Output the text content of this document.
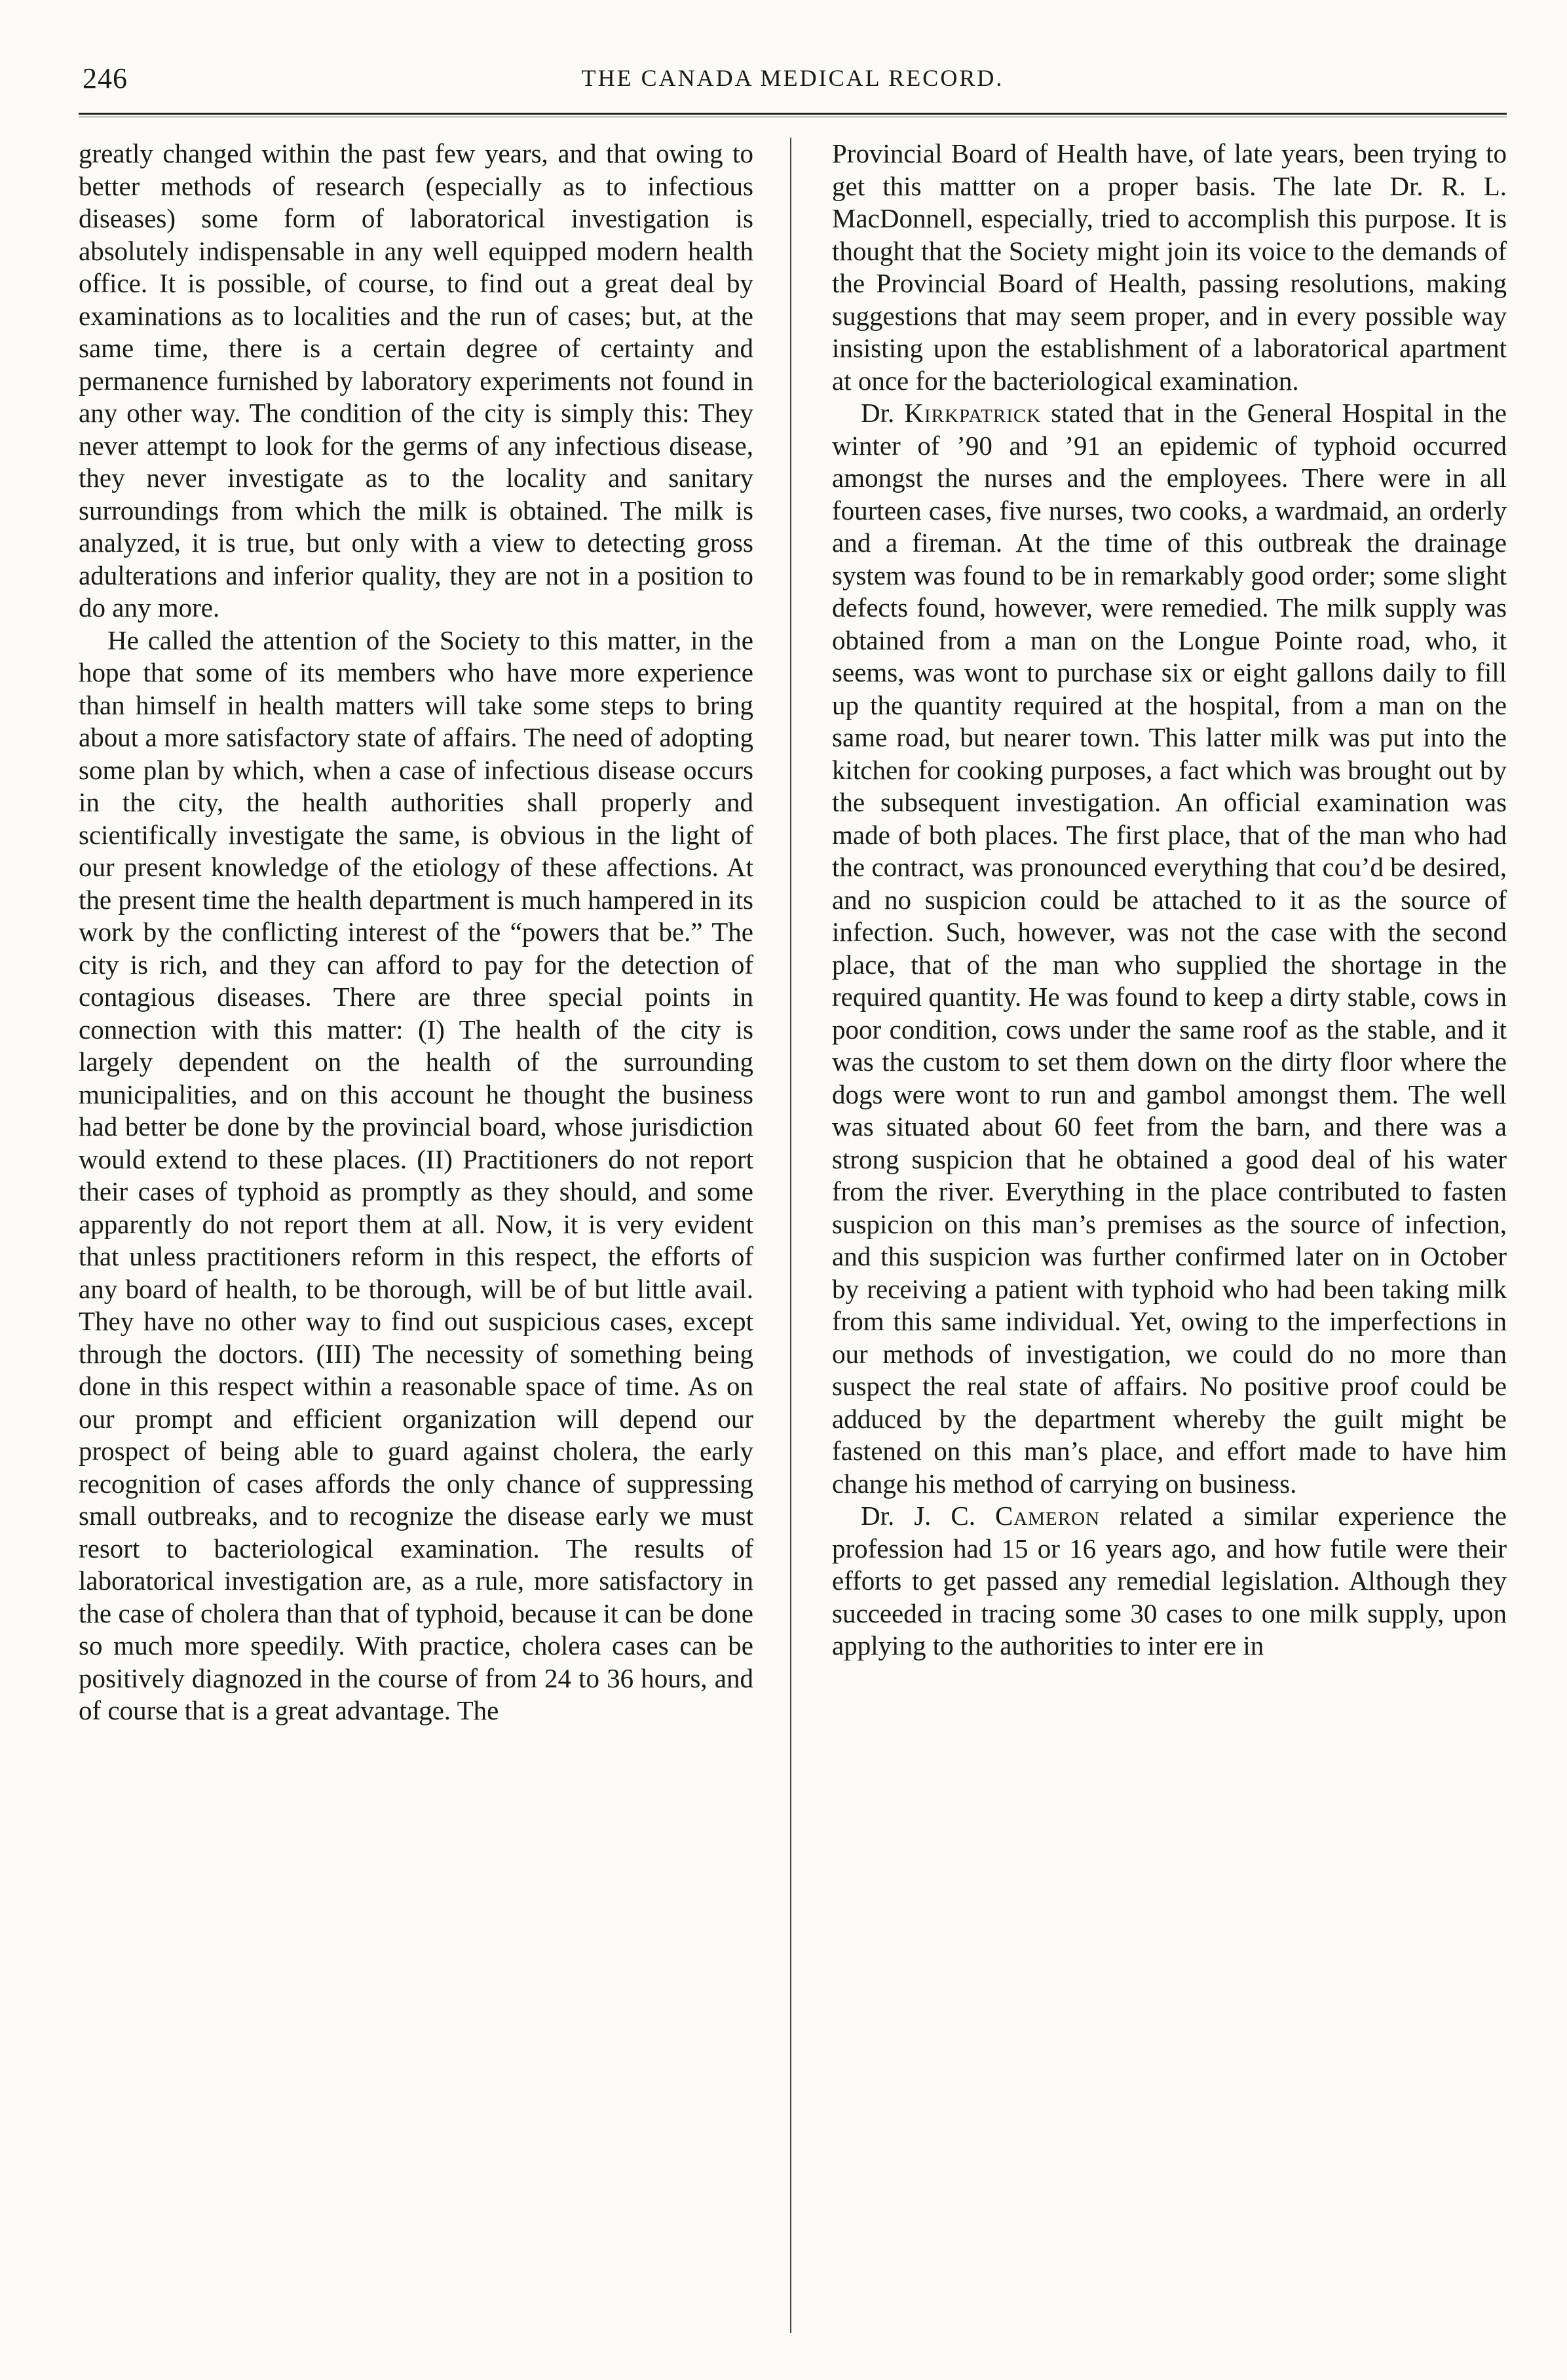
246	THE CANADA MEDICAL RECORD.

greatly changed within the past few years, and that owing to better methods of research (especially as to infectious diseases) some form of laboratorical investigation is absolutely indispensable in any well equipped modern health office. It is possible, of course, to find out a great deal by examinations as to localities and the run of cases; but, at the same time, there is a certain degree of certainty and permanence furnished by laboratory experiments not found in any other way. The condition of the city is simply this: They never attempt to look for the germs of any infectious disease, they never investigate as to the locality and sanitary surroundings from which the milk is obtained. The milk is analyzed, it is true, but only with a view to detecting gross adulterations and inferior quality, they are not in a position to do any more.

He called the attention of the Society to this matter, in the hope that some of its members who have more experience than himself in health matters will take some steps to bring about a more satisfactory state of affairs. The need of adopting some plan by which, when a case of infectious disease occurs in the city, the health authorities shall properly and scientifically investigate the same, is obvious in the light of our present knowledge of the etiology of these affections. At the present time the health department is much hampered in its work by the conflicting interest of the “powers that be.” The city is rich, and they can afford to pay for the detection of contagious diseases. There are three special points in connection with this matter: (I) The health of the city is largely dependent on the health of the surrounding municipalities, and on this account he thought the business had better be done by the provincial board, whose jurisdiction would extend to these places. (II) Practitioners do not report their cases of typhoid as promptly as they should, and some apparently do not report them at all. Now, it is very evident that unless practitioners reform in this respect, the efforts of any board of health, to be thorough, will be of but little avail. They have no other way to find out suspicious cases, except through the doctors. (III) The necessity of something being done in this respect within a reasonable space of time. As on our prompt and efficient organization will depend our prospect of being able to guard against cholera, the early recognition of cases affords the only chance of suppressing small outbreaks, and to recognize the disease early we must resort to bacteriological examination. The results of laboratorical investigation are, as a rule, more satisfactory in the case of cholera than that of typhoid, because it can be done so much more speedily. With practice, cholera cases can be positively diagnozed in the course of from 24 to 36 hours, and of course that is a great advantage. The

Provincial Board of Health have, of late years, been trying to get this mattter on a proper basis. The late Dr. R. L. MacDonnell, especially, tried to accomplish this purpose. It is thought that the Society might join its voice to the demands of the Provincial Board of Health, passing resolutions, making suggestions that may seem proper, and in every possible way insisting upon the establishment of a laboratorical apartment at once for the bacteriological examination.

Dr. Kirkpatrick stated that in the General Hospital in the winter of ’90 and ’91 an epidemic of typhoid occurred amongst the nurses and the employees. There were in all fourteen cases, five nurses, two cooks, a wardmaid, an orderly and a fireman. At the time of this outbreak the drainage system was found to be in remarkably good order; some slight defects found, however, were remedied. The milk supply was obtained from a man on the Longue Pointe road, who, it seems, was wont to purchase six or eight gallons daily to fill up the quantity required at the hospital, from a man on the same road, but nearer town. This latter milk was put into the kitchen for cooking purposes, a fact which was brought out by the subsequent investigation. An official examination was made of both places. The first place, that of the man who had the contract, was pronounced everything that cou’d be desired, and no suspicion could be attached to it as the source of infection. Such, however, was not the case with the second place, that of the man who supplied the shortage in the required quantity. He was found to keep a dirty stable, cows in poor condition, cows under the same roof as the stable, and it was the custom to set them down on the dirty floor where the dogs were wont to run and gambol amongst them. The well was situated about 60 feet from the barn, and there was a strong suspicion that he obtained a good deal of his water from the river. Everything in the place contributed to fasten suspicion on this man’s premises as the source of infection, and this suspicion was further confirmed later on in October by receiving a patient with typhoid who had been taking milk from this same individual. Yet, owing to the imperfections in our methods of investigation, we could do no more than suspect the real state of affairs. No positive proof could be adduced by the department whereby the guilt might be fastened on this man’s place, and effort made to have him change his method of carrying on business.

Dr. J. C. Cameron related a similar experience the profession had 15 or 16 years ago, and how futile were their efforts to get passed any remedial legislation. Although they succeeded in tracing some 30 cases to one milk supply, upon applying to the authorities to inter ere in
